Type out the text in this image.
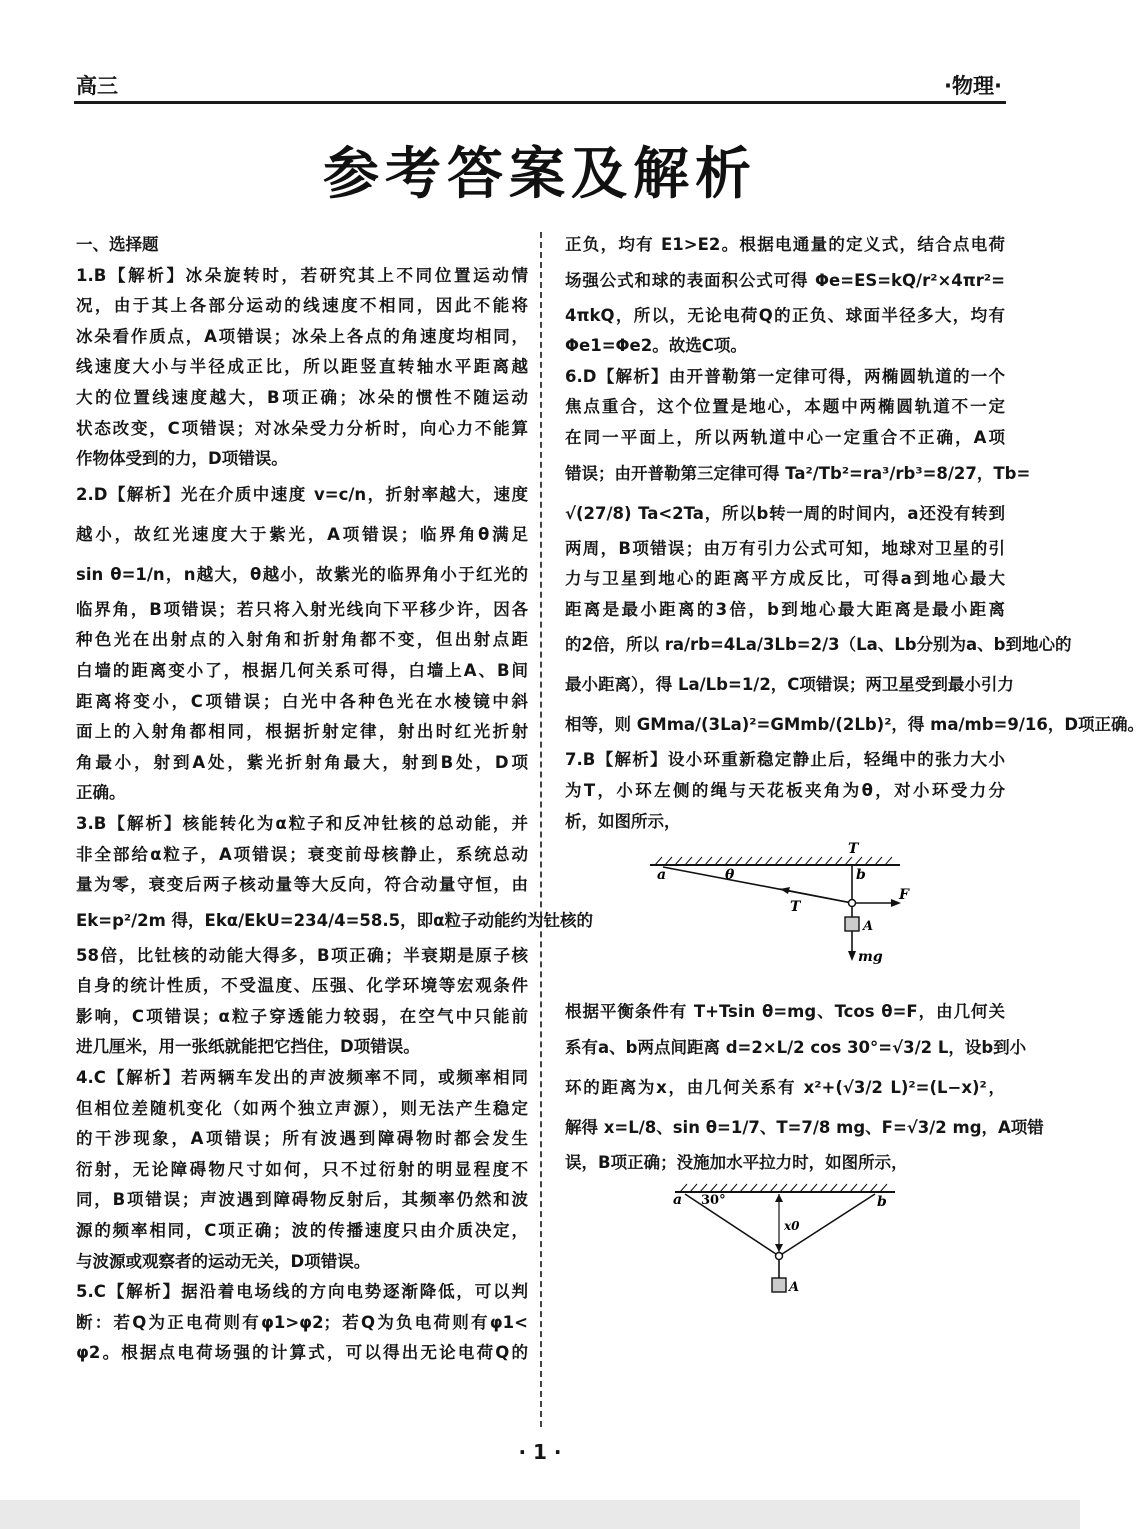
高三	·物理·
参考答案及解析
一、选择题
1.B【解析】冰朵旋转时，若研究其上不同位置运动情
况，由于其上各部分运动的线速度不相同，因此不能将
冰朵看作质点，A项错误；冰朵上各点的角速度均相同，
线速度大小与半径成正比，所以距竖直转轴水平距离越
大的位置线速度越大，B项正确；冰朵的惯性不随运动
状态改变，C项错误；对冰朵受力分析时，向心力不能算
作物体受到的力，D项错误。
2.D【解析】光在介质中速度 v=c/n，折射率越大，速度
越小，故红光速度大于紫光，A项错误；临界角θ满足
sin θ=1/n，n越大，θ越小，故紫光的临界角小于红光的
临界角，B项错误；若只将入射光线向下平移少许，因各
种色光在出射点的入射角和折射角都不变，但出射点距
白墙的距离变小了，根据几何关系可得，白墙上A、B间
距离将变小，C项错误；白光中各种色光在水棱镜中斜
面上的入射角都相同，根据折射定律，射出时红光折射
角最小，射到A处，紫光折射角最大，射到B处，D项
正确。
3.B【解析】核能转化为α粒子和反冲钍核的总动能，并
非全部给α粒子，A项错误；衰变前母核静止，系统总动
量为零，衰变后两子核动量等大反向，符合动量守恒，由
Ek=p²/2m 得，Ekα/EkU=234/4=58.5，即α粒子动能约为钍核的
58倍，比钍核的动能大得多，B项正确；半衰期是原子核
自身的统计性质，不受温度、压强、化学环境等宏观条件
影响，C项错误；α粒子穿透能力较弱，在空气中只能前
进几厘米，用一张纸就能把它挡住，D项错误。
4.C【解析】若两辆车发出的声波频率不同，或频率相同
但相位差随机变化（如两个独立声源），则无法产生稳定
的干涉现象，A项错误；所有波遇到障碍物时都会发生
衍射，无论障碍物尺寸如何，只不过衍射的明显程度不
同，B项错误；声波遇到障碍物反射后，其频率仍然和波
源的频率相同，C项正确；波的传播速度只由介质决定，
与波源或观察者的运动无关，D项错误。
5.C【解析】据沿着电场线的方向电势逐渐降低，可以判
断：若Q为正电荷则有φ1>φ2；若Q为负电荷则有φ1<
φ2。根据点电荷场强的计算式，可以得出无论电荷Q的
正负，均有 E1>E2。根据电通量的定义式，结合点电荷
场强公式和球的表面积公式可得 Φe=ES=kQ/r²×4πr²=
4πkQ，所以，无论电荷Q的正负、球面半径多大，均有
Φe1=Φe2。故选C项。
6.D【解析】由开普勒第一定律可得，两椭圆轨道的一个
焦点重合，这个位置是地心，本题中两椭圆轨道不一定
在同一平面上，所以两轨道中心一定重合不正确，A项
错误；由开普勒第三定律可得 Ta²/Tb²=ra³/rb³=8/27，Tb=
√(27/8) Ta<2Ta，所以b转一周的时间内，a还没有转到
两周，B项错误；由万有引力公式可知，地球对卫星的引
力与卫星到地心的距离平方成反比，可得a到地心最大
距离是最小距离的3倍，b到地心最大距离是最小距离
的2倍，所以 ra/rb=4La/3Lb=2/3（La、Lb分别为a、b到地心的
最小距离），得 La/Lb=1/2，C项错误；两卫星受到最小引力
相等，则 GMma/(3La)²=GMmb/(2Lb)²，得 ma/mb=9/16，D项正确。
7.B【解析】设小环重新稳定静止后，轻绳中的张力大小
为T，小环左侧的绳与天花板夹角为θ，对小环受力分
析，如图所示，
T
a	θ	b
F
T
A
mg
根据平衡条件有 T+Tsin θ=mg、Tcos θ=F，由几何关
系有a、b两点间距离 d=2×L/2 cos 30°=√3/2 L，设b到小
环的距离为x，由几何关系有 x²+(√3/2 L)²=(L−x)²，
解得 x=L/8、sin θ=1/7、T=7/8 mg、F=√3/2 mg，A项错
误，B项正确；没施加水平拉力时，如图所示，
a 30°	b
x0
A
· 1 ·
